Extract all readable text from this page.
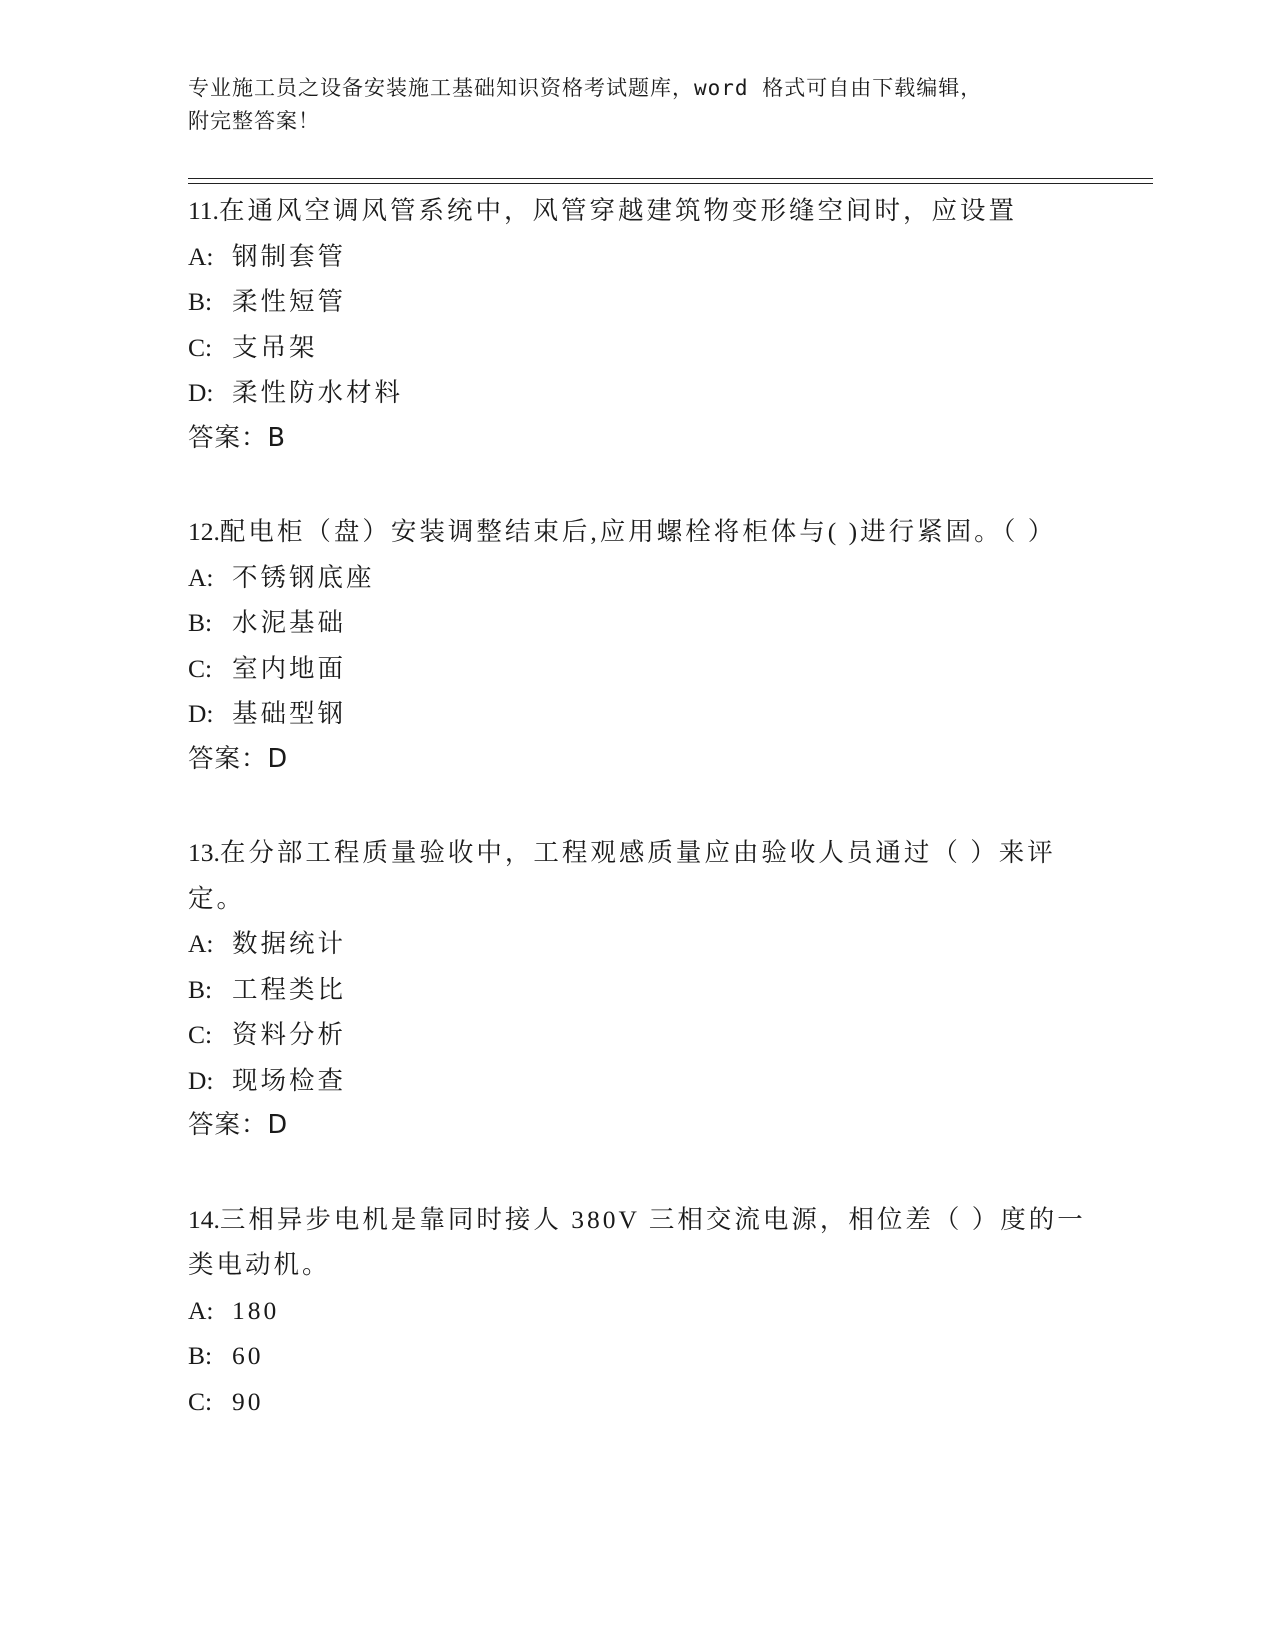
专业施工员之设备安装施工基础知识资格考试题库，word 格式可自由下载编辑，
附完整答案！

11.在通风空调风管系统中，风管穿越建筑物变形缝空间时，应设置

A: 钢制套管

B: 柔性短管

C: 支吊架

D: 柔性防水材料

答案：B

12.配电柜（盘）安装调整结束后,应用螺栓将柜体与( )进行紧固。（ ）

A: 不锈钢底座

B: 水泥基础

C: 室内地面

D: 基础型钢

答案：D

13.在分部工程质量验收中，工程观感质量应由验收人员通过（ ）来评定。

A: 数据统计

B: 工程类比

C: 资料分析

D: 现场检查

答案：D

14.三相异步电机是靠同时接人 380V 三相交流电源，相位差（ ）度的一类电动机。

A: 180

B: 60

C: 90
